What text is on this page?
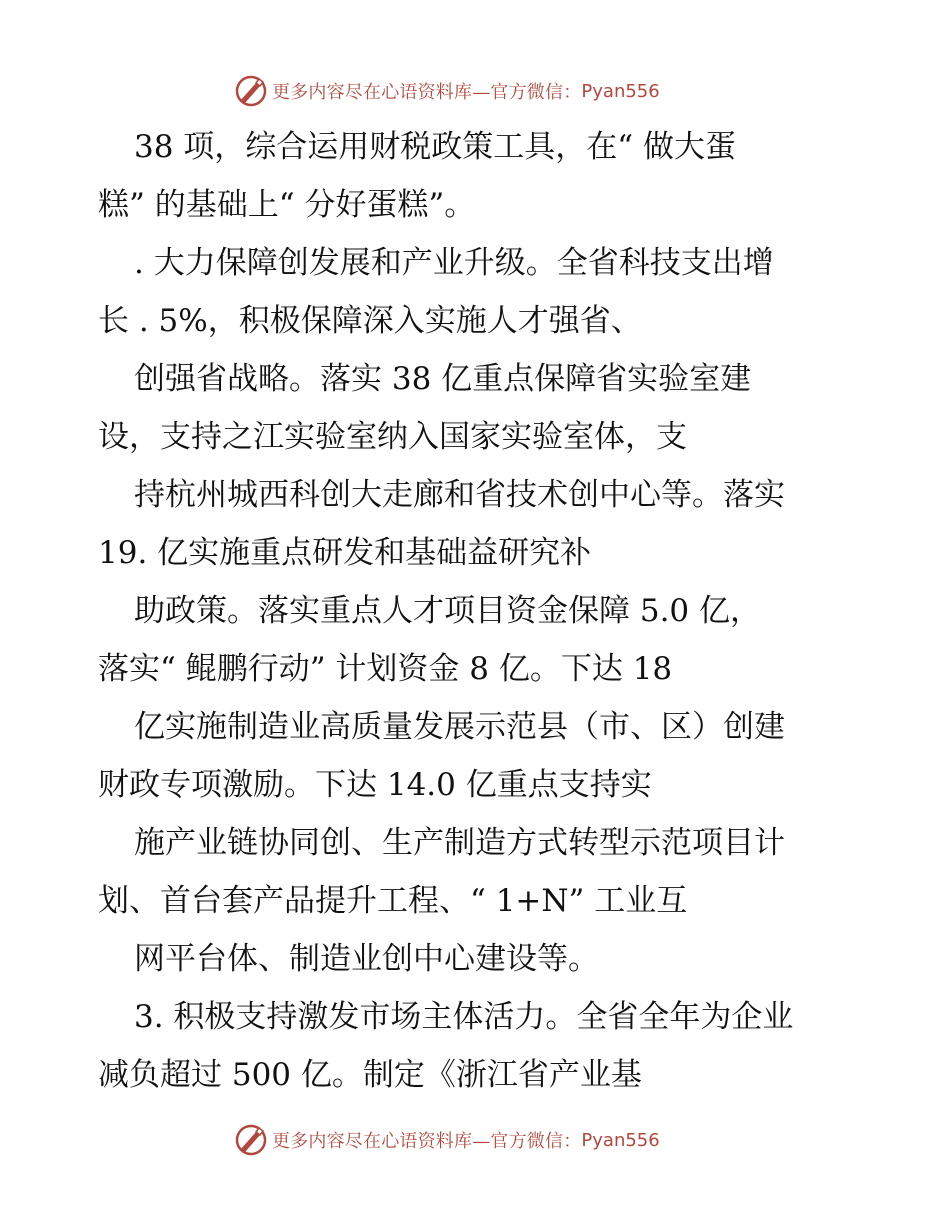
更多内容尽在心语资料库—官方微信： Pyan556
38 项，综合运用财税政策工具，在“ 做大蛋
糕” 的基础上“ 分好蛋糕”。
. 大力保障创发展和产业升级。全省科技支出增
长 . 5%，积极保障深入实施人才强省、
创强省战略。落实 38 亿重点保障省实验室建
设，支持之江实验室纳入国家实验室体，支
持杭州城西科创大走廊和省技术创中心等。落实
19. 亿实施重点研发和基础益研究补
助政策。落实重点人才项目资金保障 5.0 亿，
落实“ 鲲鹏行动” 计划资金 8 亿。下达 18
亿实施制造业高质量发展示范县（市、区）创建
财政专项激励。下达 14.0 亿重点支持实
施产业链协同创、生产制造方式转型示范项目计
划、首台套产品提升工程、“ 1+N” 工业互
网平台体、制造业创中心建设等。
3. 积极支持激发市场主体活力。全省全年为企业
减负超过 500 亿。制定《浙江省产业基
更多内容尽在心语资料库—官方微信： Pyan556
